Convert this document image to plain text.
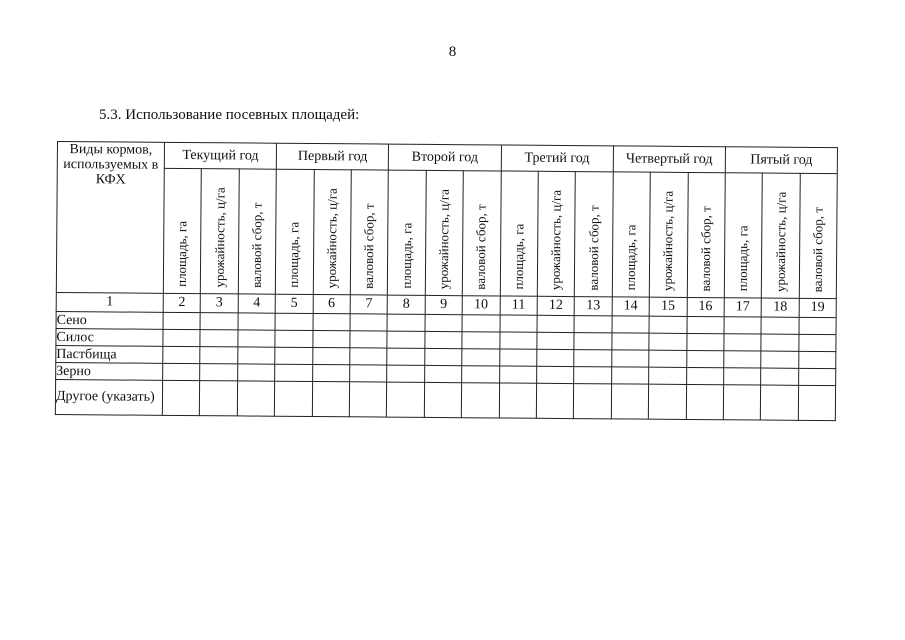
8
5.3. Использование посевных площадей:
Виды кормов, используемых в КФХ	Текущий год			Первый год			Второй год			Третий год			Четвертый год			Пятый год		

	площадь, га	урожайность, ц/га	валовой сбор, т	площадь, га	урожайность, ц/га	валовой сбор, т	площадь, га	урожайность, ц/га	валовой сбор, т	площадь, га	урожайность, ц/га	валовой сбор, т	площадь, га	урожайность, ц/га	валовой сбор, т	площадь, га	урожайность, ц/га	валовой сбор, т

1	2	3	4	5	6	7	8	9	10	11	12	13	14	15	16	17	18	19
Сено																		
Силос																		
Пастбища																		
Зерно																		
Другое (указать)																		
